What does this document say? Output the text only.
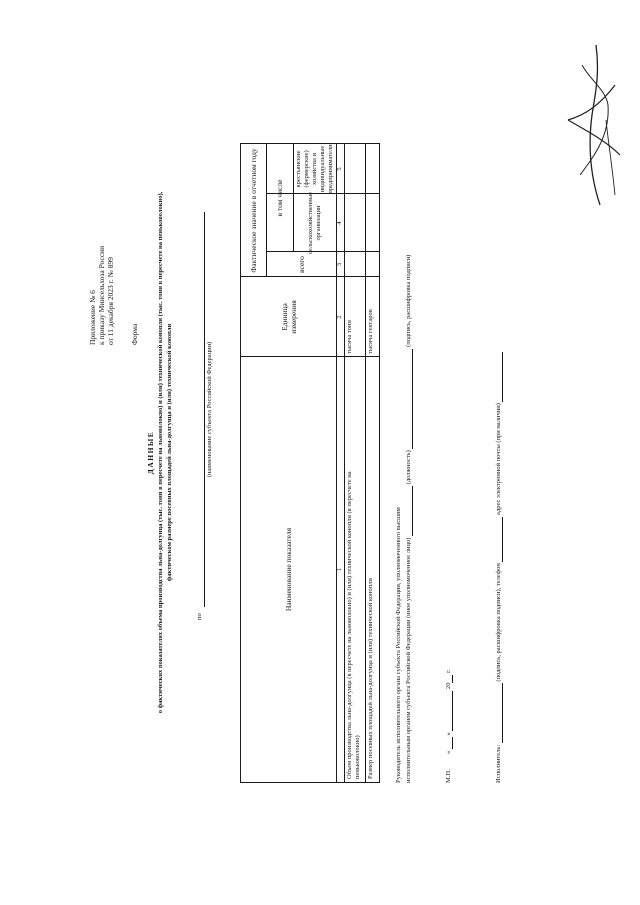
Приложение № 6 к приказу Минсельхоза России от 11 декабря 2023 г. № 899 Форма
ДАННЫЕ о фактических показателях объема производства льна-долгунца (тыс. тонн в пересчете на льноволокно) и (или) технической конопли (тыс. тонн в пересчете на пеньковолокно), фактическом размере посевных площадей льна-долгунца и (или) технической конопли
по
(наименование субъекта Российской Федерации)
Наименование показателя
Единица измерения
Фактическое значение в отчетном году	всего
в том числе	сельскохозяйственные организации
крестьянские (фермерские) хозяйства и индивидуальные предприниматели
1
2
3
4
5
Объем производства льна-долгунца (в пересчете на льноволокно) и (или) технической конопли (в пересчете на пеньковолокно)
тысяча тонн
Размер посевных площадей льна-долгунца и (или) технической конопли
тысяча гектаров
Руководитель исполнительного органа субъекта Российской Федерации, уполномоченного высшим исполнительным органом субъекта Российской Федерации (иное уполномоченное лицо)  (должность)  (подпись, расшифровка подписи)
М.П.  «  »  20 г.
Исполнитель:  (подпись, расшифровка подписи), телефон  адрес электронной почты (при наличии)
